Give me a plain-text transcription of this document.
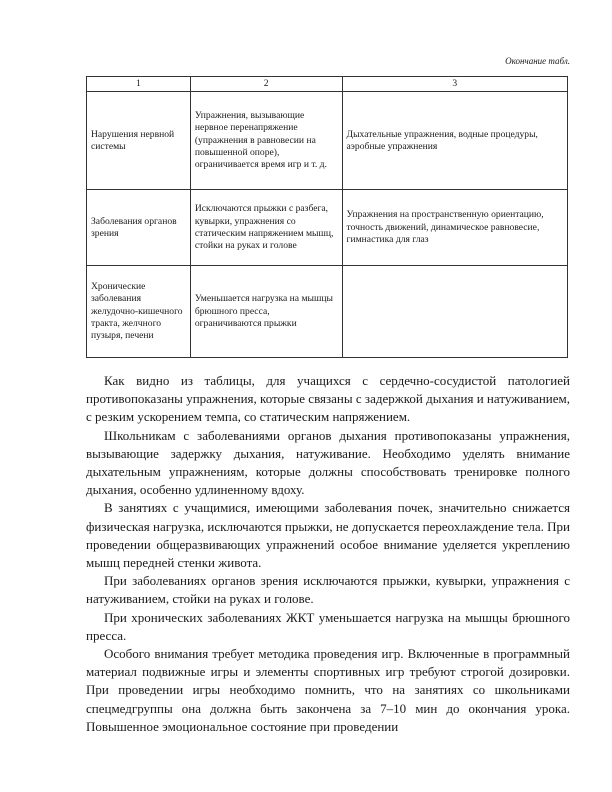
Окончание табл.
1	2	3
Нарушения нервной системы	Упражнения, вызывающие нервное перенапряжение (упражнения в равновесии на повышенной опоре), ограничивается время игр и т. д.	Дыхательные упражнения, водные процедуры, аэробные упражнения
Заболевания органов зрения	Исключаются прыжки с разбега, кувырки, упражнения со статическим напряжением мышц, стойки на руках и голове	Упражнения на пространственную ориентацию, точность движений, динамическое равновесие, гимнастика для глаз
Хронические заболевания желудочно-кишечного тракта, желчного пузыря, печени	Уменьшается нагрузка на мышцы брюшного пресса, ограничиваются прыжки	

Как видно из таблицы, для учащихся с сердечно-сосудистой патологией противопоказаны упражнения, которые связаны с задержкой дыхания и натуживанием, с резким ускорением темпа, со статическим напряжением.

Школьникам с заболеваниями органов дыхания противопоказаны упражнения, вызывающие задержку дыхания, натуживание. Необходимо уделять внимание дыхательным упражнениям, которые должны способствовать тренировке полного дыхания, особенно удлиненному вдоху.

В занятиях с учащимися, имеющими заболевания почек, значительно снижается физическая нагрузка, исключаются прыжки, не допускается переохлаждение тела. При проведении общеразвивающих упражнений особое внимание уделяется укреплению мышц передней стенки живота.

При заболеваниях органов зрения исключаются прыжки, кувырки, упражнения с натуживанием, стойки на руках и голове.

При хронических заболеваниях ЖКТ уменьшается нагрузка на мышцы брюшного пресса.

Особого внимания требует методика проведения игр. Включенные в программный материал подвижные игры и элементы спортивных игр требуют строгой дозировки. При проведении игры необходимо помнить, что на занятиях со школьниками спецмедгруппы она должна быть закончена за 7–10 мин до окончания урока. Повышенное эмоциональное состояние при проведении
